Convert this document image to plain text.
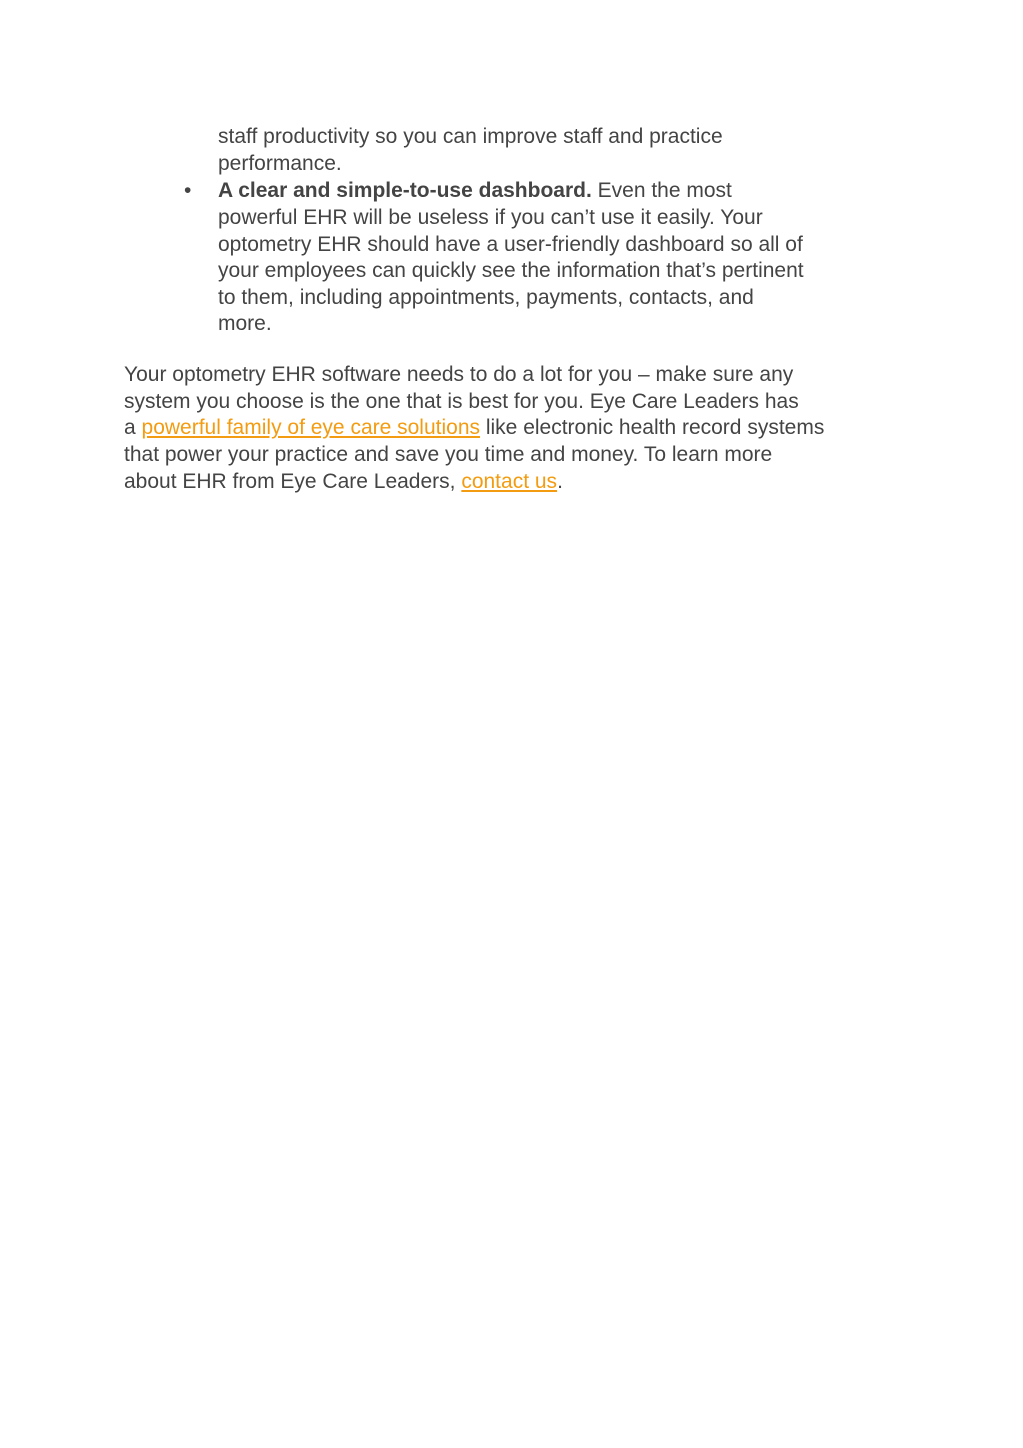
staff productivity so you can improve staff and practice
performance.
• A clear and simple-to-use dashboard. Even the most
powerful EHR will be useless if you can’t use it easily. Your
optometry EHR should have a user-friendly dashboard so all of
your employees can quickly see the information that’s pertinent
to them, including appointments, payments, contacts, and
more.
Your optometry EHR software needs to do a lot for you – make sure any
system you choose is the one that is best for you. Eye Care Leaders has
a powerful family of eye care solutions like electronic health record systems
that power your practice and save you time and money. To learn more
about EHR from Eye Care Leaders, contact us.
